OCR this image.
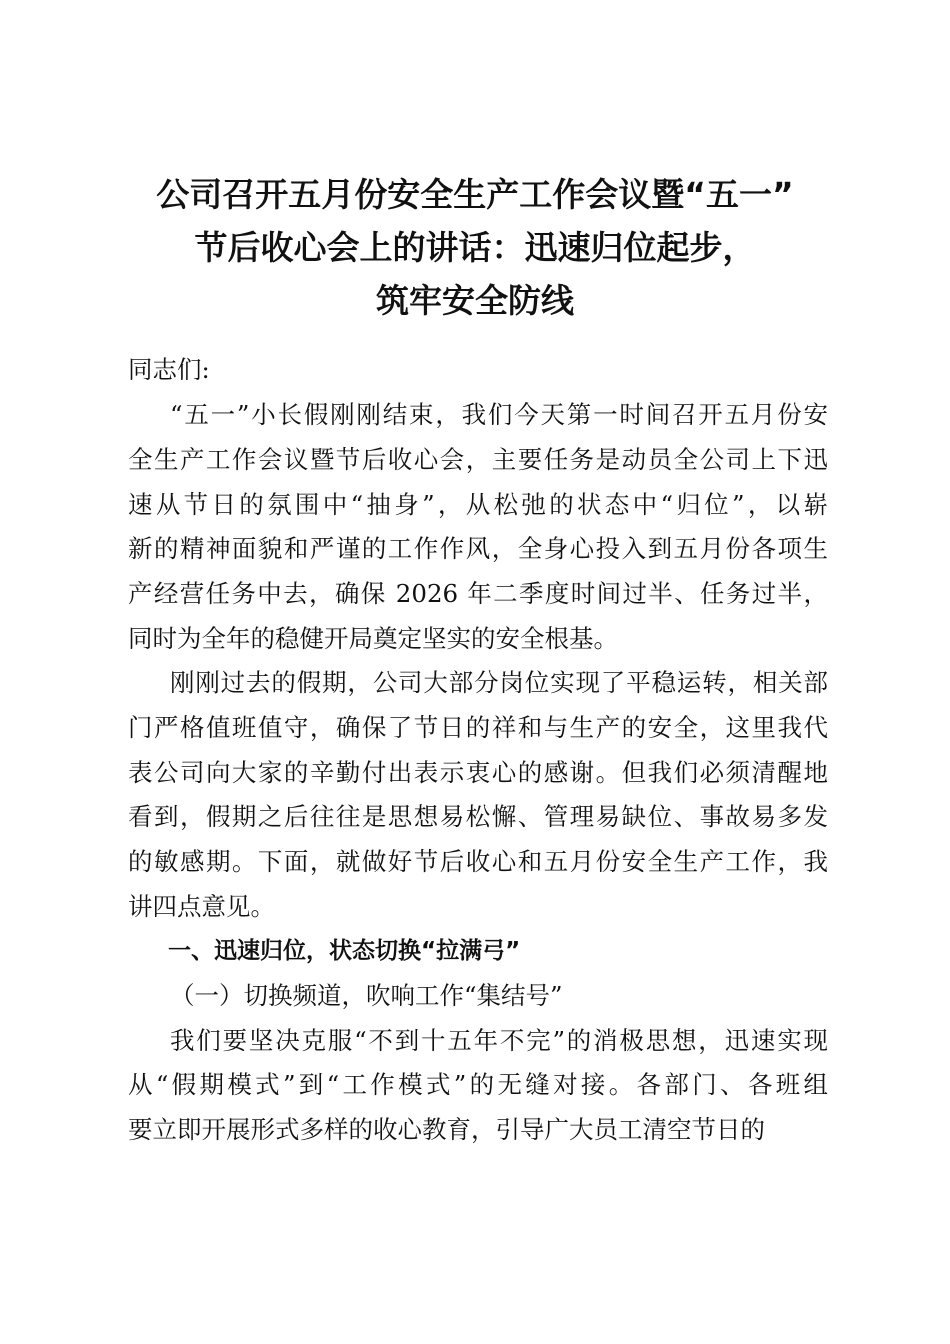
公司召开五月份安全生产工作会议暨“五一”
节后收心会上的讲话：迅速归位起步，
筑牢安全防线

同志们:

“五一”小长假刚刚结束，我们今天第一时间召开五月份安

全生产工作会议暨节后收心会，主要任务是动员全公司上下迅

速从节日的氛围中“抽身”，从松弛的状态中“归位”，以崭

新的精神面貌和严谨的工作作风，全身心投入到五月份各项生

产经营任务中去，确保 2026 年二季度时间过半、任务过半，

同时为全年的稳健开局奠定坚实的安全根基。

刚刚过去的假期，公司大部分岗位实现了平稳运转，相关部

门严格值班值守，确保了节日的祥和与生产的安全，这里我代

表公司向大家的辛勤付出表示衷心的感谢。但我们必须清醒地

看到，假期之后往往是思想易松懈、管理易缺位、事故易多发

的敏感期。下面，就做好节后收心和五月份安全生产工作，我

讲四点意见。

一、迅速归位，状态切换“拉满弓”

（一）切换频道，吹响工作“集结号”

我们要坚决克服“不到十五年不完”的消极思想，迅速实现

从“假期模式”到“工作模式”的无缝对接。各部门、各班组

要立即开展形式多样的收心教育，引导广大员工清空节日的
